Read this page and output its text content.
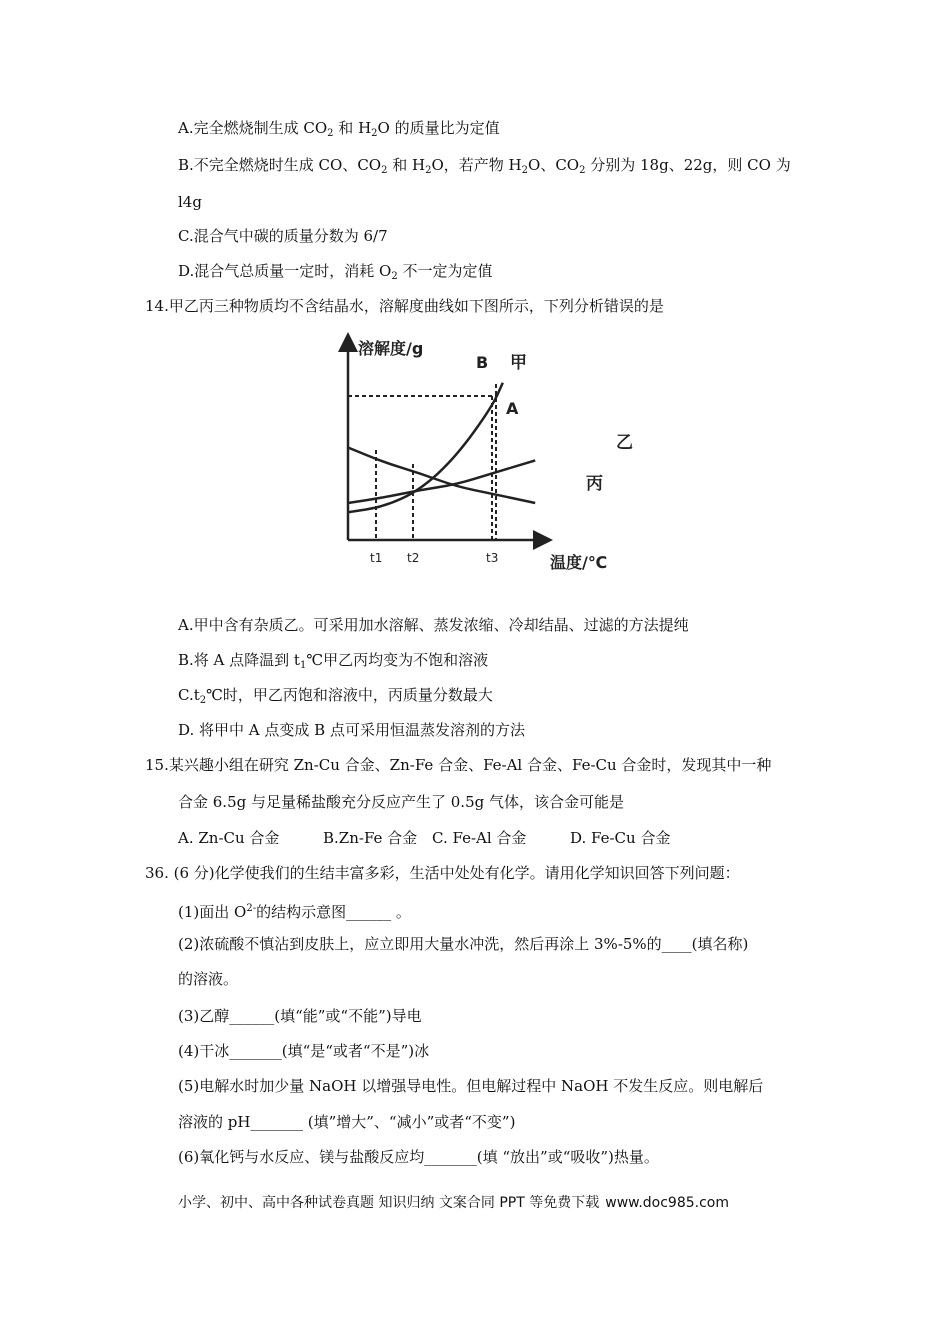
A.完全燃烧制生成 $CO_2$ 和 $H_2O$ 的质量比为定值
B.不完全燃烧时生成 CO、$CO_2$ 和 $H_2O$，若产物 $H_2O$、$CO_2$ 分别为 18g、22g，则 CO 为
l4g
C.混合气中碳的质量分数为 6/7
D.混合气总质量一定时，消耗 $O_2$ 不一定为定值
14.甲乙丙三种物质均不含结晶水，溶解度曲线如下图所示，下列分析错误的是
溶解度/g
温度/℃
B
A
甲
乙
丙
t1 t2	t3
A.甲中含有杂质乙。可采用加水溶解、蒸发浓缩、冷却结晶、过滤的方法提纯
B.将 A 点降温到 $t_1℃$甲乙丙均变为不饱和溶液
$C.t_2℃$时，甲乙丙饱和溶液中，丙质量分数最大
D. 将甲中 A 点变成 B 点可采用恒温蒸发溶剂的方法
15.某兴趣小组在研究 Zn-Cu 合金、Zn-Fe 合金、Fe-Al 合金、Fe-Cu 合金时，发现其中一种
合金 6.5g 与足量稀盐酸充分反应产生了 0.5g 气体，该合金可能是
A. Zn-Cu 合金	B.Zn-Fe 合金 C. Fe-Al 合金	D. Fe-Cu 合金
36. (6 分)化学使我们的生结丰富多彩，生活中处处有化学。请用化学知识回答下列问题：
(1)面出 $O^{2-}$的结构示意图______ 。
(2)浓硫酸不慎沾到皮肤上，应立即用大量水冲洗，然后再涂上 3%-5%的____(填名称)
的溶液。
(3)乙醇______(填“能”或“不能”)导电
(4)干冰_______(填“是“或者“不是”)冰
(5)电解水时加少量 NaOH 以增强导电性。但电解过程中 NaOH 不发生反应。则电解后
溶液的 pH_______ (填”增大”、“减小”或者“不变”)
(6)氧化钙与水反应、镁与盐酸反应均_______(填 “放出”或“吸收”)热量。
小学、初中、高中各种试卷真题 知识归纳 文案合同 PPT 等免费下载 www.doc985.com
